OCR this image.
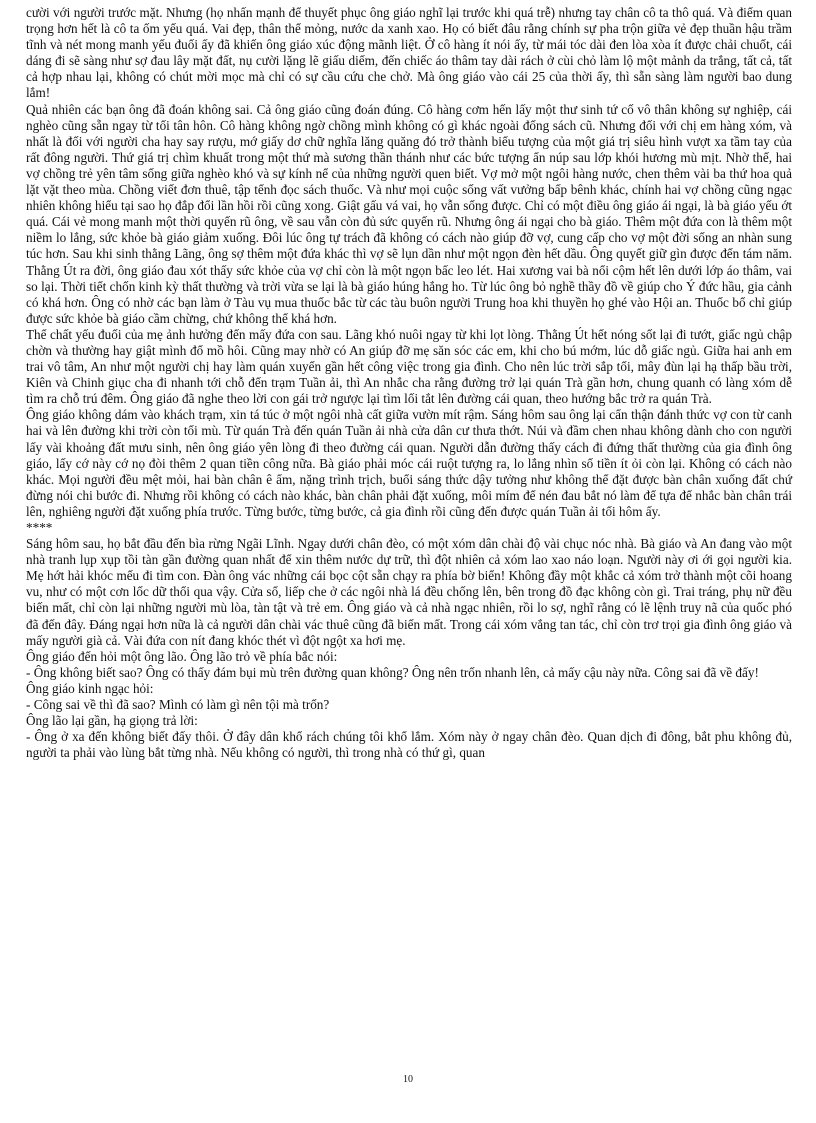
cười với người trước mặt. Nhưng (họ nhấn mạnh để thuyết phục ông giáo nghĩ lại trước khi quá trễ) nhưng tay chân cô ta thô quá. Và điểm quan trọng hơn hết là cô ta ốm yếu quá. Vai đẹp, thân thể mỏng, nước da xanh xao. Họ có biết đâu rằng chính sự pha trộn giữa vẻ đẹp thuần hậu trầm tĩnh và nét mong manh yếu đuối ấy đã khiến ông giáo xúc động mãnh liệt. Ở cô hàng ít nói ấy, từ mái tóc dài đen lòa xòa ít được chải chuốt, cái dáng đi sẽ sàng như sợ đau lây mặt đất, nụ cười lặng lẽ giấu diếm, đến chiếc áo thâm tay dài rách ở cùi chỏ làm lộ một mảnh da trắng, tất cả, tất cả hợp nhau lại, không có chút mời mọc mà chỉ có sự cầu cứu che chở. Mà ông giáo vào cái 25 của thời ấy, thì sẵn sàng làm người bao dung lắm!

Quả nhiên các bạn ông đã đoán không sai. Cả ông giáo cũng đoán đúng. Cô hàng cơm hến lấy một thư sinh tứ cố vô thân không sự nghiệp, cái nghèo cũng sẵn ngay từ tối tân hôn. Cô hàng không ngờ chồng mình không có gì khác ngoài đống sách cũ. Nhưng đối với chị em hàng xóm, và nhất là đối với người cha hay say rượu, mớ giấy dơ chữ nghĩa lăng quăng đó trở thành biểu tượng của một giá trị siêu hình vượt xa tầm tay của rất đông người. Thứ giá trị chìm khuất trong một thứ mà sương thần thánh như các bức tượng ẩn núp sau lớp khói hương mù mịt. Nhờ thế, hai vợ chồng trẻ yên tâm sống giữa nghèo khó và sự kính nể của những người quen biết. Vợ mở một ngôi hàng nước, chen thêm vài ba thứ hoa quả lặt vặt theo mùa. Chồng viết đơn thuê, tập tểnh đọc sách thuốc. Và như mọi cuộc sống vất vưởng bấp bênh khác, chính hai vợ chồng cũng ngạc nhiên không hiểu tại sao họ đắp đổi lần hồi rồi cũng xong. Giật gấu vá vai, họ vẫn sống được. Chỉ có một điều ông giáo ái ngại, là bà giáo yếu ớt quá. Cái vẻ mong manh một thời quyến rũ ông, về sau vẫn còn đủ sức quyến rũ. Nhưng ông ái ngại cho bà giáo. Thêm một đứa con là thêm một niềm lo lắng, sức khỏe bà giáo giảm xuống. Đôi lúc ông tự trách đã không có cách nào giúp đỡ vợ, cung cấp cho vợ một đời sống an nhàn sung túc hơn. Sau khi sinh thằng Lãng, ông sợ thêm một đứa khác thì vợ sẽ lụn dần như một ngọn đèn hết dầu. Ông quyết giữ gìn được đến tám năm. Thằng Út ra đời, ông giáo đau xót thấy sức khỏe của vợ chỉ còn là một ngọn bấc leo lét. Hai xương vai bà nổi cộm hết lên dưới lớp áo thâm, vai so lại. Thời tiết chốn kinh kỳ thất thường và trời vừa se lại là bà giáo húng hắng ho. Từ lúc ông bỏ nghề thầy đồ về giúp cho Ý đức hầu, gia cảnh có khá hơn. Ông có nhờ các bạn làm ở Tàu vụ mua thuốc bắc từ các tàu buôn người Trung hoa khi thuyền họ ghé vào Hội an. Thuốc bổ chỉ giúp được sức khỏe bà giáo cầm chừng, chứ không thể khá hơn.

Thể chất yếu đuối của mẹ ảnh hưởng đến mấy đứa con sau. Lãng khó nuôi ngay từ khi lọt lòng. Thằng Út hết nóng sốt lại đi tướt, giấc ngủ chập chờn và thường hay giật mình đổ mồ hôi. Cũng may nhờ có An giúp đỡ mẹ săn sóc các em, khi cho bú mớm, lúc dỗ giấc ngủ. Giữa hai anh em trai vô tâm, An như một người chị hay làm quán xuyến gần hết công việc trong gia đình. Cho nên lúc trời sắp tối, mây đùn lại hạ thấp bầu trời, Kiên và Chinh giục cha đi nhanh tới chỗ đến trạm Tuần ải, thì An nhắc cha rằng đường trở lại quán Trà gần hơn, chung quanh có làng xóm dễ tìm ra chỗ trú đêm. Ông giáo đã nghe theo lời con gái trở ngược lại tìm lối tắt lên đường cái quan, theo hướng bắc trở ra quán Trà.

Ông giáo không dám vào khách trạm, xin tá túc ở một ngôi nhà cất giữa vườn mít rậm. Sáng hôm sau ông lại cẩn thận đánh thức vợ con từ canh hai và lên đường khi trời còn tối mù. Từ quán Trà đến quán Tuần ải nhà cửa dân cư thưa thớt. Núi và đầm chen nhau không dành cho con người lấy vài khoảng đất mưu sinh, nên ông giáo yên lòng đi theo đường cái quan. Người dẫn đường thấy cách đi đứng thất thường của gia đình ông giáo, lấy cớ này cớ nọ đòi thêm 2 quan tiền công nữa. Bà giáo phải móc cái ruột tượng ra, lo lắng nhìn số tiền ít ỏi còn lại. Không có cách nào khác. Mọi người đều mệt mỏi, hai bàn chân ê ẩm, nặng trình trịch, buổi sáng thức dậy tưởng như không thể đặt được bàn chân xuống đất chứ đừng nói chi bước đi. Nhưng rồi không có cách nào khác, bàn chân phải đặt xuống, môi mím để nén đau bắt nó làm để tựa để nhắc bàn chân trái lên, nghiêng người đặt xuống phía trước. Từng bước, từng bước, cả gia đình rồi cũng đến được quán Tuần ải tối hôm ấy.

****

Sáng hôm sau, họ bắt đầu đến bìa rừng Ngãi Lĩnh. Ngay dưới chân đèo, có một xóm dân chài độ vài chục nóc nhà. Bà giáo và An đang vào một nhà tranh lụp xụp tồi tàn gần đường quan nhất để xin thêm nước dự trữ, thì đột nhiên cả xóm lao xao náo loạn. Người này ơi ới gọi người kia. Mẹ hớt hải khóc mếu đi tìm con. Đàn ông vác những cái bọc cột sẵn chạy ra phía bờ biển! Không đầy một khắc cả xóm trở thành một cõi hoang vu, như có một cơn lốc dữ thổi qua vậy. Cửa sổ, liếp che ở các ngôi nhà lá đều chống lên, bên trong đồ đạc không còn gì. Trai tráng, phụ nữ đều biến mất, chỉ còn lại những người mù lòa, tàn tật và trẻ em. Ông giáo và cả nhà ngạc nhiên, rồi lo sợ, nghĩ rằng có lẽ lệnh truy nã của quốc phó đã đến đây. Đáng ngại hơn nữa là cả người dân chài vác thuê cũng đã biến mất. Trong cái xóm vắng tan tác, chỉ còn trơ trọi gia đình ông giáo và mấy người già cả. Vài đứa con nít đang khóc thét vì đột ngột xa hơi mẹ.

Ông giáo đến hỏi một ông lão. Ông lão trỏ về phía bắc nói:

- Ông không biết sao? Ông có thấy đám bụi mù trên đường quan không? Ông nên trốn nhanh lên, cả mấy cậu này nữa. Công sai đã về đấy!

Ông giáo kinh ngạc hỏi:

- Công sai về thì đã sao? Mình có làm gì nên tội mà trốn?

Ông lão lại gần, hạ giọng trả lời:

- Ông ở xa đến không biết đấy thôi. Ở đây dân khổ rách chúng tôi khổ lắm. Xóm này ở ngay chân đèo. Quan dịch đi đông, bắt phu không đủ, người ta phải vào lùng bắt từng nhà. Nếu không có người, thì trong nhà có thứ gì, quan

10
